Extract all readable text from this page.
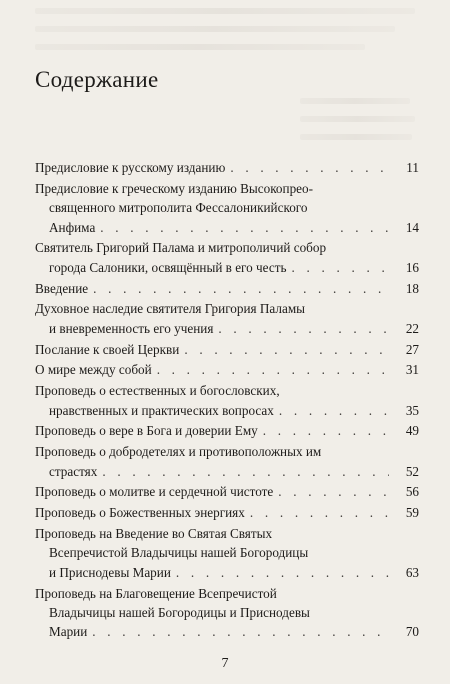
Содержание
Предисловие к русскому изданию . . .	11
Предисловие к греческому изданию Высокопрео-
священного митрополита Фессалоникийского
Анфима . . .	14
Святитель Григорий Палама и митрополичий собор
города Салоники, освящённый в его честь . . .	16
Введение . . .	18
Духовное наследие святителя Григория Паламы
и вневременность его учения . . .	22
Послание к своей Церкви . . .	27
О мире между собой . . .	31
Проповедь о естественных и богословских,
нравственных и практических вопросах . . .	35
Проповедь о вере в Бога и доверии Ему . . .	49
Проповедь о добродетелях и противоположных им
страстях . . .	52
Проповедь о молитве и сердечной чистоте . . .	56
Проповедь о Божественных энергиях . . .	59
Проповедь на Введение во Святая Святых
Всепречистой Владычицы нашей Богородицы
и Приснодевы Марии . . .	63
Проповедь на Благовещение Всепречистой
Владычицы нашей Богородицы и Приснодевы
Марии . . .	70
7
